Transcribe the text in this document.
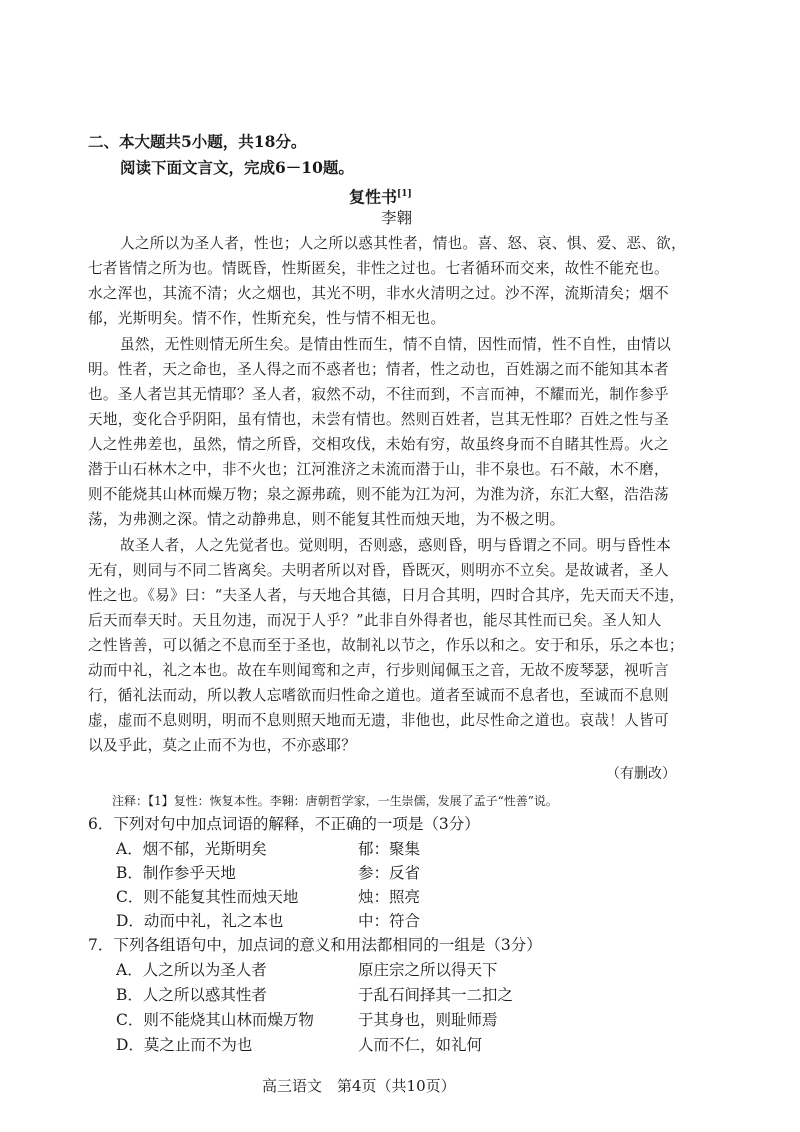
二、本大题共5小题，共18分。
阅读下面文言文，完成6－10题。
复性书[1]
李翱
人之所以为圣人者，性也；人之所以惑其性者，情也。喜、怒、哀、惧、爱、恶、欲，
七者皆情之所为也。情既昏，性斯匿矣，非性之过也。七者循环而交来，故性不能充也。
水之浑也，其流不清；火之烟也，其光不明，非水火清明之过。沙不浑，流斯清矣；烟不
郁，光斯明矣。情不作，性斯充矣，性与情不相无也。
虽然，无性则情无所生矣。是情由性而生，情不自情，因性而情，性不自性，由情以
明。性者，天之命也，圣人得之而不惑者也；情者，性之动也，百姓溺之而不能知其本者
也。圣人者岂其无情耶？圣人者，寂然不动，不往而到，不言而神，不耀而光，制作参乎
天地，变化合乎阴阳，虽有情也，未尝有情也。然则百姓者，岂其无性耶？百姓之性与圣
人之性弗差也，虽然，情之所昏，交相攻伐，未始有穷，故虽终身而不自睹其性焉。火之
潜于山石林木之中，非不火也；江河淮济之未流而潜于山，非不泉也。石不敲，木不磨，
则不能烧其山林而燥万物；泉之源弗疏，则不能为江为河，为淮为济，东汇大壑，浩浩荡
荡，为弗测之深。情之动静弗息，则不能复其性而烛天地，为不极之明。
故圣人者，人之先觉者也。觉则明，否则惑，惑则昏，明与昏谓之不同。明与昏性本
无有，则同与不同二皆离矣。夫明者所以对昏，昏既灭，则明亦不立矣。是故诚者，圣人
性之也。《易》曰：“夫圣人者，与天地合其德，日月合其明，四时合其序，先天而天不违，
后天而奉天时。天且勿违，而况于人乎？”此非自外得者也，能尽其性而已矣。圣人知人
之性皆善，可以循之不息而至于圣也，故制礼以节之，作乐以和之。安于和乐，乐之本也；
动而中礼，礼之本也。故在车则闻鸾和之声，行步则闻佩玉之音，无故不废琴瑟，视听言
行，循礼法而动，所以教人忘嗜欲而归性命之道也。道者至诚而不息者也，至诚而不息则
虚，虚而不息则明，明而不息则照天地而无遗，非他也，此尽性命之道也。哀哉！人皆可
以及乎此，莫之止而不为也，不亦惑耶？
（有删改）
注释：【1】复性：恢复本性。李翱：唐朝哲学家，一生崇儒，发展了孟子“性善”说。
6．下列对句中加点词语的解释，不正确的一项是（3分）
A．烟不郁，光斯明矣	郁：聚集
B．制作参乎天地	参：反省
C．则不能复其性而烛天地	烛：照亮
D．动而中礼，礼之本也	中：符合
7．下列各组语句中，加点词的意义和用法都相同的一组是（3分）
A．人之所以为圣人者	原庄宗之所以得天下
B．人之所以惑其性者	于乱石间择其一二扣之
C．则不能烧其山林而燥万物	于其身也，则耻师焉
D．莫之止而不为也	人而不仁，如礼何
高三语文　第4页（共10页）
